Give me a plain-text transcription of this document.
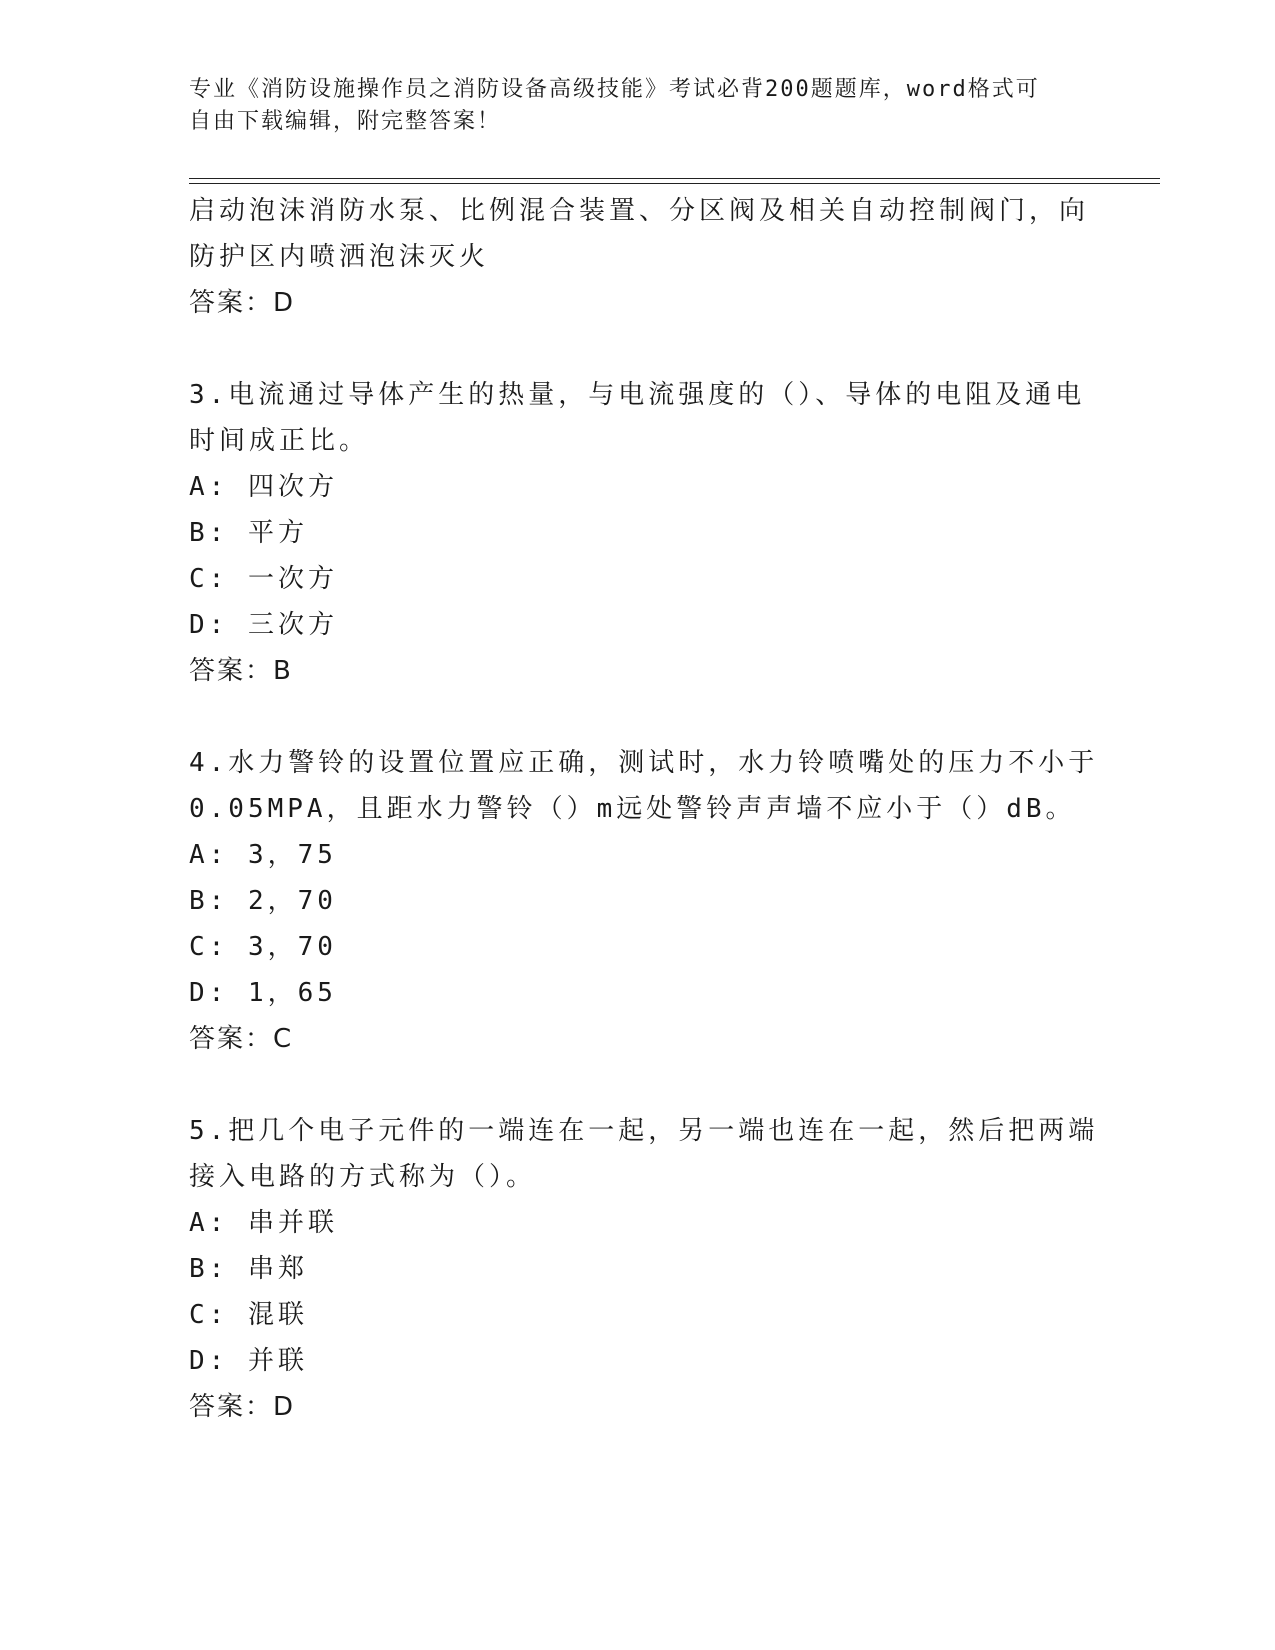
专业《消防设施操作员之消防设备高级技能》考试必背200题题库，word格式可
自由下载编辑，附完整答案！
启动泡沫消防水泵、比例混合装置、分区阀及相关自动控制阀门，向
防护区内喷洒泡沫灭火
答案：D
3.电流通过导体产生的热量，与电流强度的（）、导体的电阻及通电
时间成正比。
A: 四次方
B: 平方
C: 一次方
D: 三次方
答案：B
4.水力警铃的设置位置应正确，测试时，水力铃喷嘴处的压力不小于
0.05MPA，且距水力警铃（）m远处警铃声声墙不应小于（）dB。
A: 3，75
B: 2，70
C: 3，70
D: 1，65
答案：C
5.把几个电子元件的一端连在一起，另一端也连在一起，然后把两端
接入电路的方式称为（）。
A: 串并联
B: 串郑
C: 混联
D: 并联
答案：D
